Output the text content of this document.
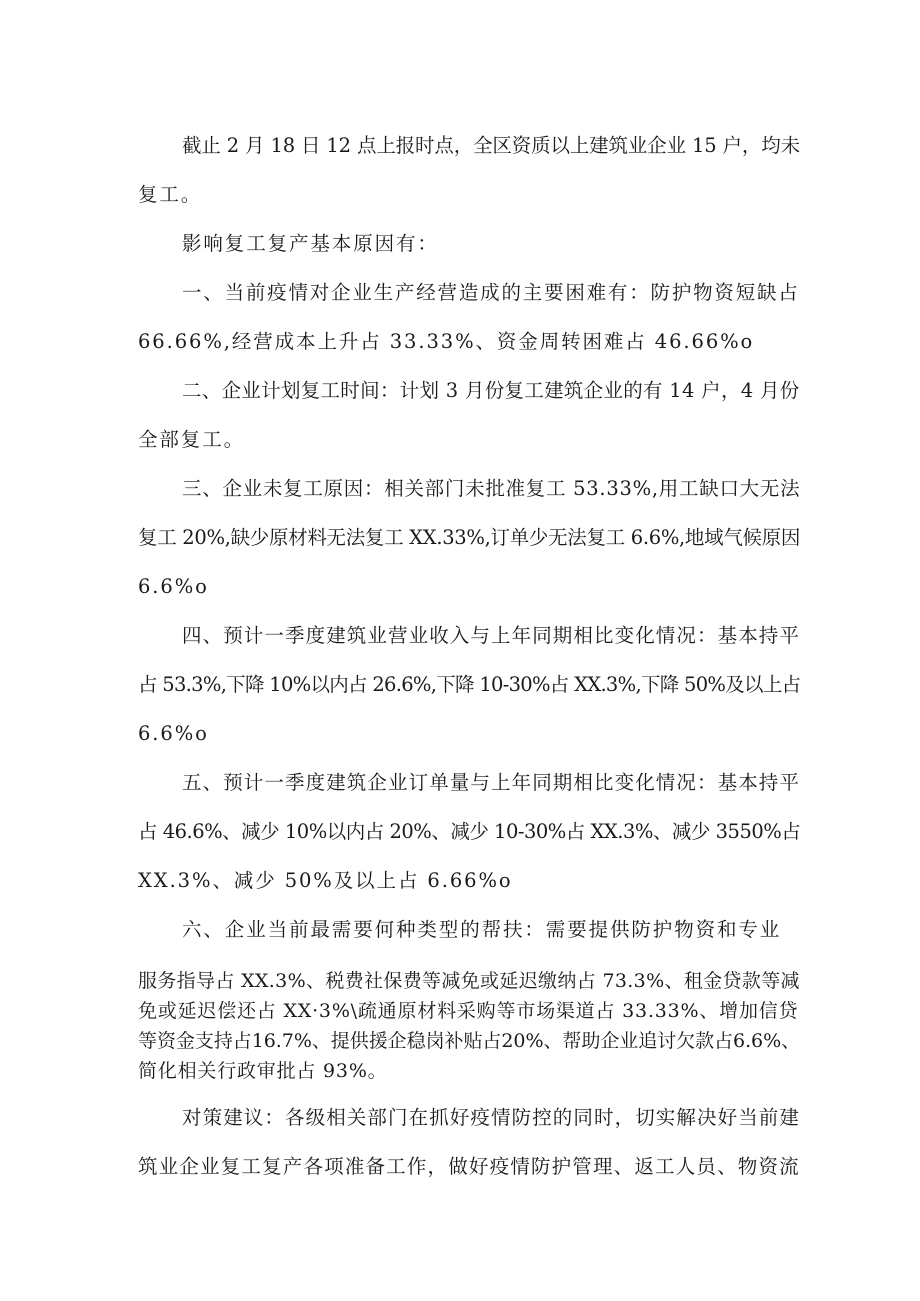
截止 2 月 18 日 12 点上报时点，全区资质以上建筑业企业 15 户，均未
复工。
影响复工复产基本原因有：
一、当前疫情对企业生产经营造成的主要困难有：防护物资短缺占
66.66%,经营成本上升占 33.33%、资金周转困难占 46.66%o
二、企业计划复工时间：计划 3 月份复工建筑企业的有 14 户，4 月份
全部复工。
三、企业未复工原因：相关部门未批准复工 53.33%,用工缺口大无法
复工 20%,缺少原材料无法复工 XX.33%,订单少无法复工 6.6%,地域气候原因
6.6%o
四、预计一季度建筑业营业收入与上年同期相比变化情况：基本持平
占 53.3%,下降 10%以内占 26.6%,下降 10-30%占 XX.3%,下降 50%及以上占
6.6%o
五、预计一季度建筑企业订单量与上年同期相比变化情况：基本持平
占 46.6%、减少 10%以内占 20%、减少 10-30%占 XX.3%、减少 3550%占
XX.3%、减少 50%及以上占 6.66%o
六、企业当前最需要何种类型的帮扶：需要提供防护物资和专业
服务指导占 XX.3%、税费社保费等减免或延迟缴纳占 73.3%、租金贷款等减
免或延迟偿还占 XX·3%\疏通原材料采购等市场渠道占 33.33%、增加信贷
等资金支持占16.7%、提供援企稳岗补贴占20%、帮助企业追讨欠款占6.6%、
简化相关行政审批占 93%。
对策建议：各级相关部门在抓好疫情防控的同时，切实解决好当前建
筑业企业复工复产各项准备工作，做好疫情防护管理、返工人员、物资流
